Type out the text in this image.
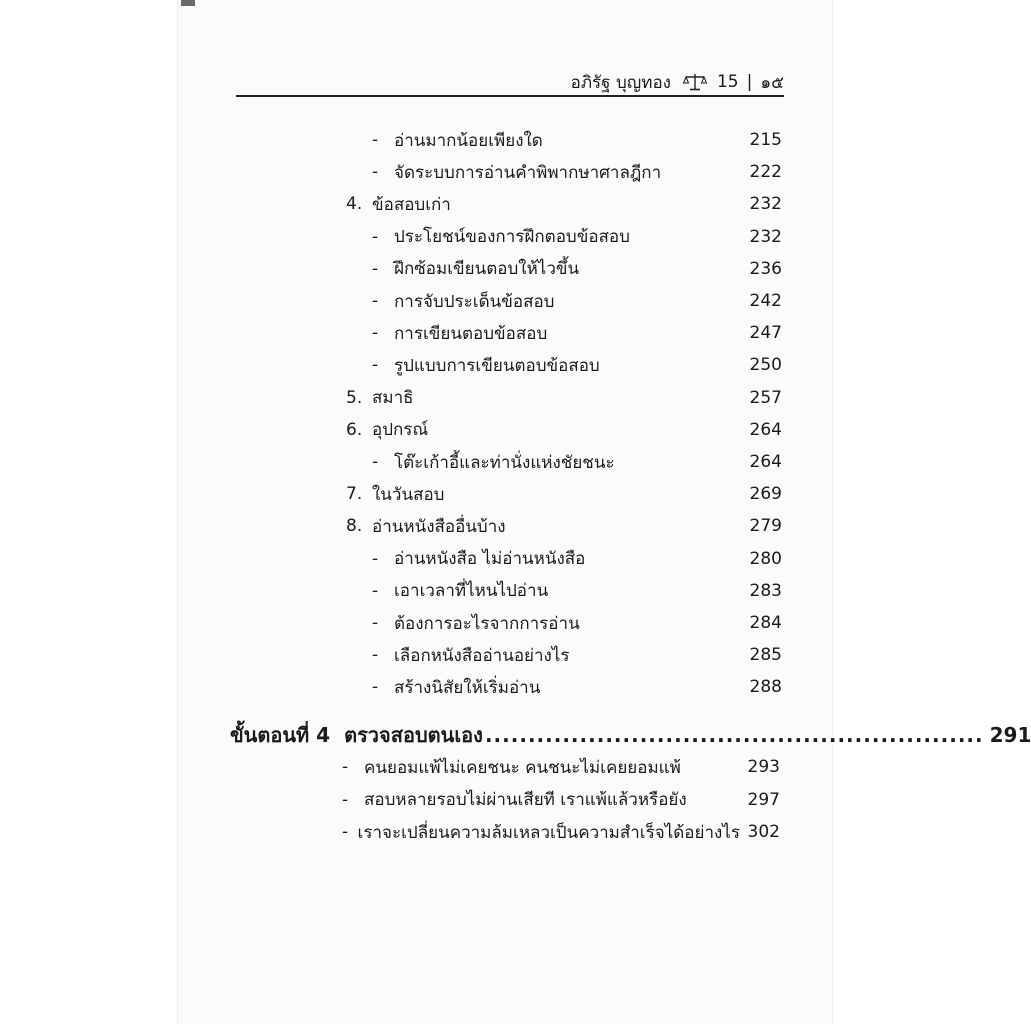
อภิรัฐ บุญทอง	15 | ๑๕
- อ่านมากน้อยเพียงใด	215
- จัดระบบการอ่านคำพิพากษาศาลฎีกา	222
4. ข้อสอบเก่า	232
- ประโยชน์ของการฝึกตอบข้อสอบ	232
- ฝึกซ้อมเขียนตอบให้ไวขึ้น	236
- การจับประเด็นข้อสอบ	242
- การเขียนตอบข้อสอบ	247
- รูปแบบการเขียนตอบข้อสอบ	250
5. สมาธิ	257
6. อุปกรณ์	264
- โต๊ะเก้าอี้และท่านั่งแห่งชัยชนะ	264
7. ในวันสอบ	269
8. อ่านหนังสืออื่นบ้าง	279
- อ่านหนังสือ ไม่อ่านหนังสือ	280
- เอาเวลาที่ไหนไปอ่าน	283
- ต้องการอะไรจากการอ่าน	284
- เลือกหนังสืออ่านอย่างไร	285
- สร้างนิสัยให้เริ่มอ่าน	288
ขั้นตอนที่ 4 ตรวจสอบตนเอง .......................................................... 291
- คนยอมแพ้ไม่เคยชนะ คนชนะไม่เคยยอมแพ้	293
- สอบหลายรอบไม่ผ่านเสียที เราแพ้แล้วหรือยัง	297
- เราจะเปลี่ยนความล้มเหลวเป็นความสำเร็จได้อย่างไร 302
